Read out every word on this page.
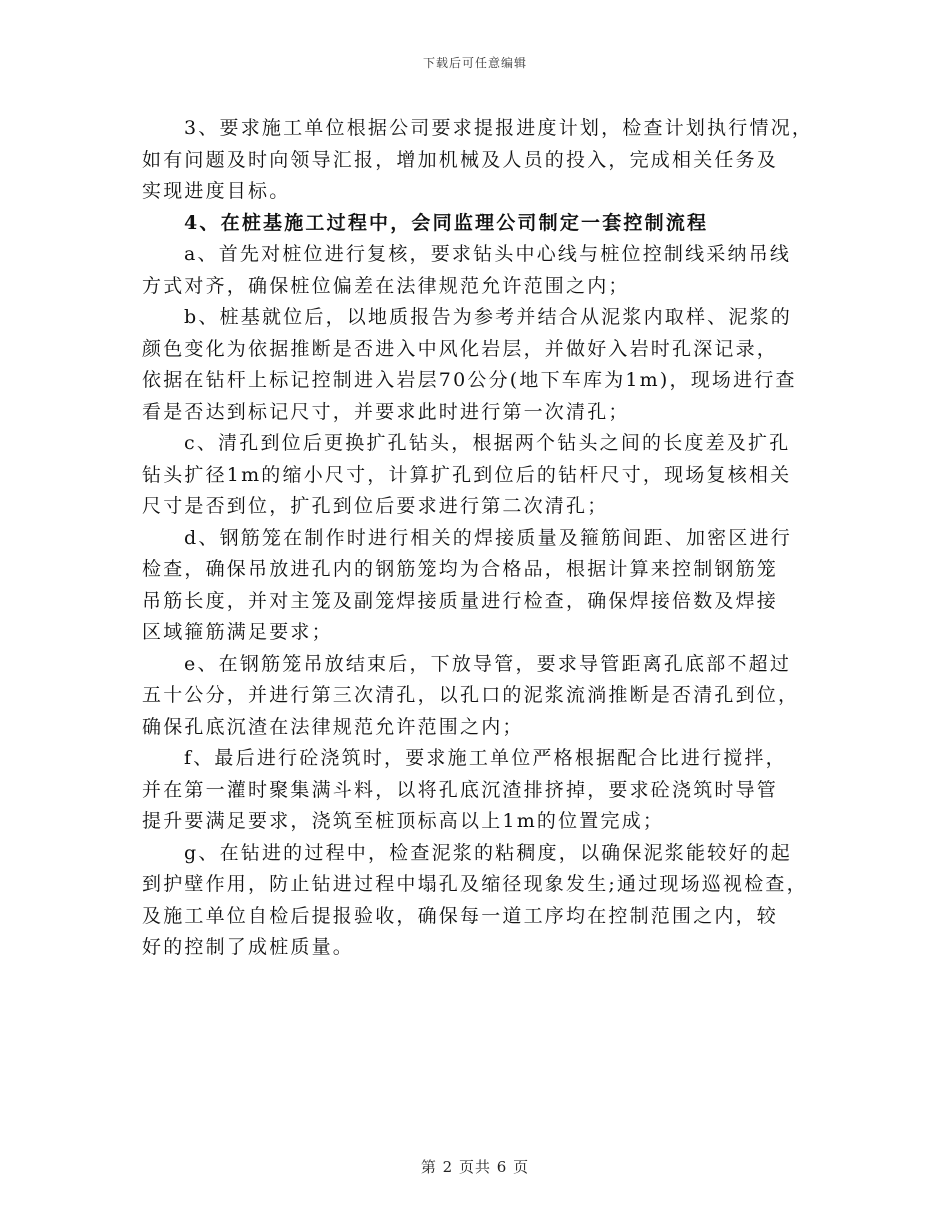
下载后可任意编辑

3、要求施工单位根据公司要求提报进度计划，检查计划执行情况，
如有问题及时向领导汇报，增加机械及人员的投入，完成相关任务及
实现进度目标。

4、在桩基施工过程中，会同监理公司制定一套控制流程

a、首先对桩位进行复核，要求钻头中心线与桩位控制线采纳吊线
方式对齐，确保桩位偏差在法律规范允许范围之内；

b、桩基就位后，以地质报告为参考并结合从泥浆内取样、泥浆的
颜色变化为依据推断是否进入中风化岩层，并做好入岩时孔深记录，
依据在钻杆上标记控制进入岩层70公分(地下车库为1m)，现场进行查
看是否达到标记尺寸，并要求此时进行第一次清孔；

c、清孔到位后更换扩孔钻头，根据两个钻头之间的长度差及扩孔
钻头扩径1m的缩小尺寸，计算扩孔到位后的钻杆尺寸，现场复核相关
尺寸是否到位，扩孔到位后要求进行第二次清孔；

d、钢筋笼在制作时进行相关的焊接质量及箍筋间距、加密区进行
检查，确保吊放进孔内的钢筋笼均为合格品，根据计算来控制钢筋笼
吊筋长度，并对主笼及副笼焊接质量进行检查，确保焊接倍数及焊接
区域箍筋满足要求；

e、在钢筋笼吊放结束后，下放导管，要求导管距离孔底部不超过
五十公分，并进行第三次清孔，以孔口的泥浆流淌推断是否清孔到位，
确保孔底沉渣在法律规范允许范围之内；

f、最后进行砼浇筑时，要求施工单位严格根据配合比进行搅拌，
并在第一灌时聚集满斗料，以将孔底沉渣排挤掉，要求砼浇筑时导管
提升要满足要求，浇筑至桩顶标高以上1m的位置完成；

g、在钻进的过程中，检查泥浆的粘稠度，以确保泥浆能较好的起
到护壁作用，防止钻进过程中塌孔及缩径现象发生;通过现场巡视检查，
及施工单位自检后提报验收，确保每一道工序均在控制范围之内，较
好的控制了成桩质量。

第 2 页共 6 页
